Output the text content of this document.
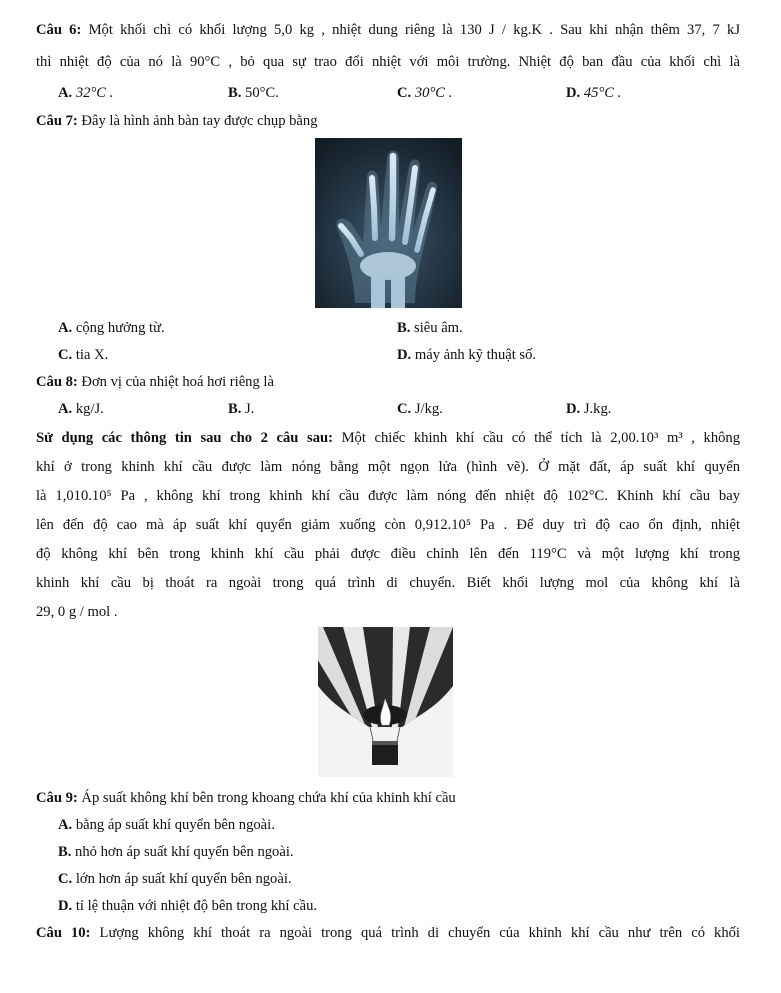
Câu 6: Một khối chì có khối lượng 5,0 kg , nhiệt dung riêng là 130 J / kg.K . Sau khi nhận thêm 37, 7 kJ
thì nhiệt độ của nó là 90°C , bỏ qua sự trao đổi nhiệt với môi trường. Nhiệt độ ban đầu của khối chì là
A. 32°C .	B. 50°C.	C. 30°C .	D. 45°C .
Câu 7: Đây là hình ảnh bàn tay được chụp bằng
A. cộng hưởng từ.	B. siêu âm.
C. tia X.	D. máy ảnh kỹ thuật số.
Câu 8: Đơn vị của nhiệt hoá hơi riêng là
A. kg/J.	B. J.	C. J/kg.	D. J.kg.
Sử dụng các thông tin sau cho 2 câu sau: Một chiếc khinh khí cầu có thể tích là 2,00.10³ m³ , không
khí ở trong khinh khí cầu được làm nóng bằng một ngọn lửa (hình vẽ). Ở mặt đất, áp suất khí quyển
là 1,010.10⁵ Pa , không khí trong khinh khí cầu được làm nóng đến nhiệt độ 102°C. Khinh khí cầu bay
lên đến độ cao mà áp suất khí quyển giảm xuống còn 0,912.10⁵ Pa . Để duy trì độ cao ổn định, nhiệt
độ không khí bên trong khinh khí cầu phải được điều chỉnh lên đến 119°C và một lượng khí trong
khinh khí cầu bị thoát ra ngoài trong quá trình di chuyển. Biết khối lượng mol của không khí là
29, 0 g / mol .
Câu 9: Áp suất không khí bên trong khoang chứa khí của khinh khí cầu
A. bằng áp suất khí quyển bên ngoài.
B. nhỏ hơn áp suất khí quyển bên ngoài.
C. lớn hơn áp suất khí quyển bên ngoài.
D. tỉ lệ thuận với nhiệt độ bên trong khí cầu.
Câu 10: Lượng không khí thoát ra ngoài trong quá trình di chuyển của khinh khí cầu như trên có khối
